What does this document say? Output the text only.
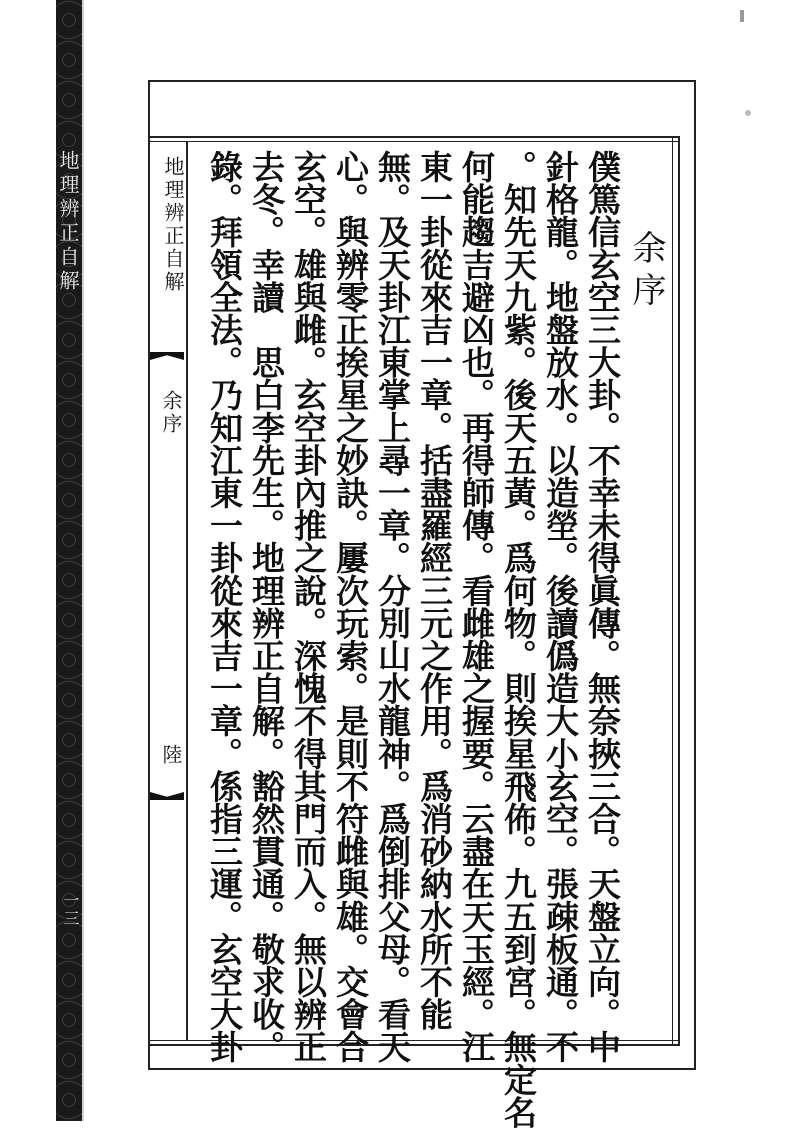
地理辨正自解
一三
地理辨正自解
余序
陸
余序
僕篤信玄空三大卦。不幸未得眞傳。無奈挾三合。天盤立向。中
針格龍。地盤放水。以造塋。後讀僞造大小玄空。張疎板通。不
知先天九紫。後天五黃。爲何物。則挨星飛佈。九五到宮。無定名。
何能趨吉避凶也。再得師傳。看雌雄之握要。云盡在天玉經。江
東一卦從來吉一章。括盡羅經三元之作用。爲消砂納水所不能
無。及天卦江東掌上尋一章。分別山水龍神。爲倒排父母。看天
心。與辨零正挨星之妙訣。屢次玩索。是則不符雌與雄。交會合
玄空。雄與雌。玄空卦內推之說。深愧不得其門而入。無以辨正
。去冬。幸讀　思白李先生。地理辨正自解。豁然貫通。敬求收
錄。拜領全法。乃知江東一卦從來吉一章。係指三運。玄空大卦
